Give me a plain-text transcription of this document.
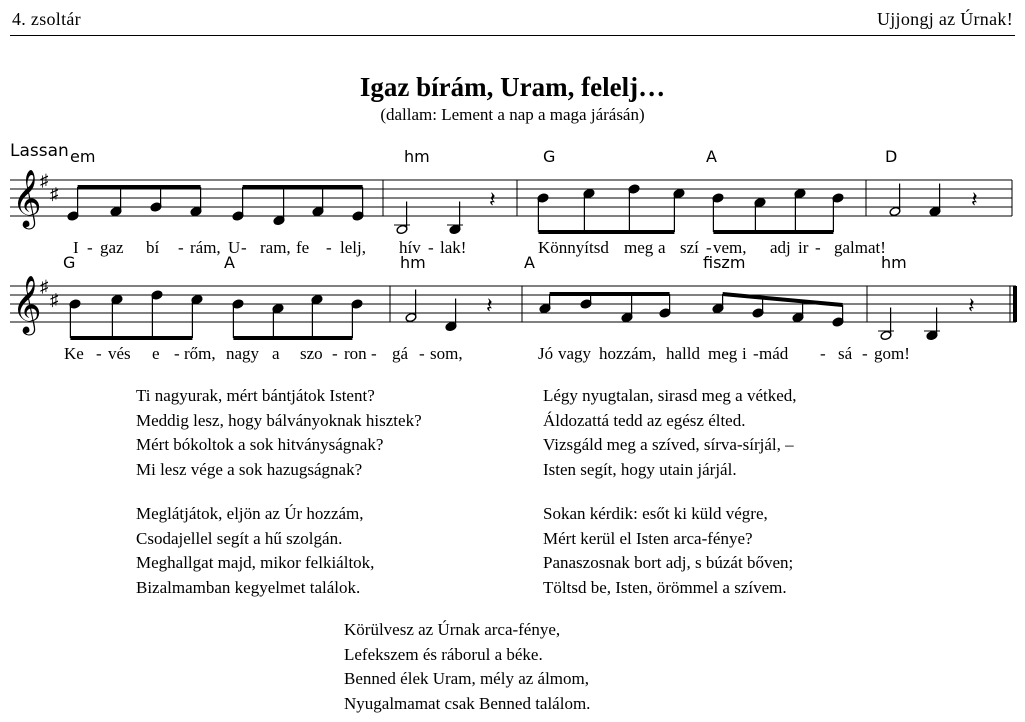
4. zsoltár	Ujjongj az Úrnak!
Igaz bírám, Uram, felelj…
(dallam: Lement a nap a maga járásán)
Lassan
𝄞
♯
♯	𝄽	𝄽
em	hm	G	A	D
I - gaz bí - rám, U - ram, fe - lelj, hív - lak!	Könnyítsd meg a szí - vem, adj ir - galmat!
𝄞
♯
♯	𝄽	𝄽
G	A	hm	A	fiszm	hm
Ke - vés e - rőm, nagy a szo - ron - gá - som,	Jó vagy hozzám, halld meg i - mád - sá - gom!
Ti nagyurak, mért bántjátok Istent?
Meddig lesz, hogy bálványoknak hisztek?
Mért bókoltok a sok hitványságnak?
Mi lesz vége a sok hazugságnak?
Légy nyugtalan, sirasd meg a vétked,
Áldozattá tedd az egész élted.
Vizsgáld meg a szíved, sírva-sírjál, –
Isten segít, hogy utain járjál.
Meglátjátok, eljön az Úr hozzám,
Csodajellel segít a hű szolgán.
Meghallgat majd, mikor felkiáltok,
Bizalmamban kegyelmet találok.
Sokan kérdik: esőt ki küld végre,
Mért kerül el Isten arca-fénye?
Panaszosnak bort adj, s búzát bőven;
Töltsd be, Isten, örömmel a szívem.
Körülvesz az Úrnak arca-fénye,
Lefekszem és ráborul a béke.
Benned élek Uram, mély az álmom,
Nyugalmamat csak Benned találom.
